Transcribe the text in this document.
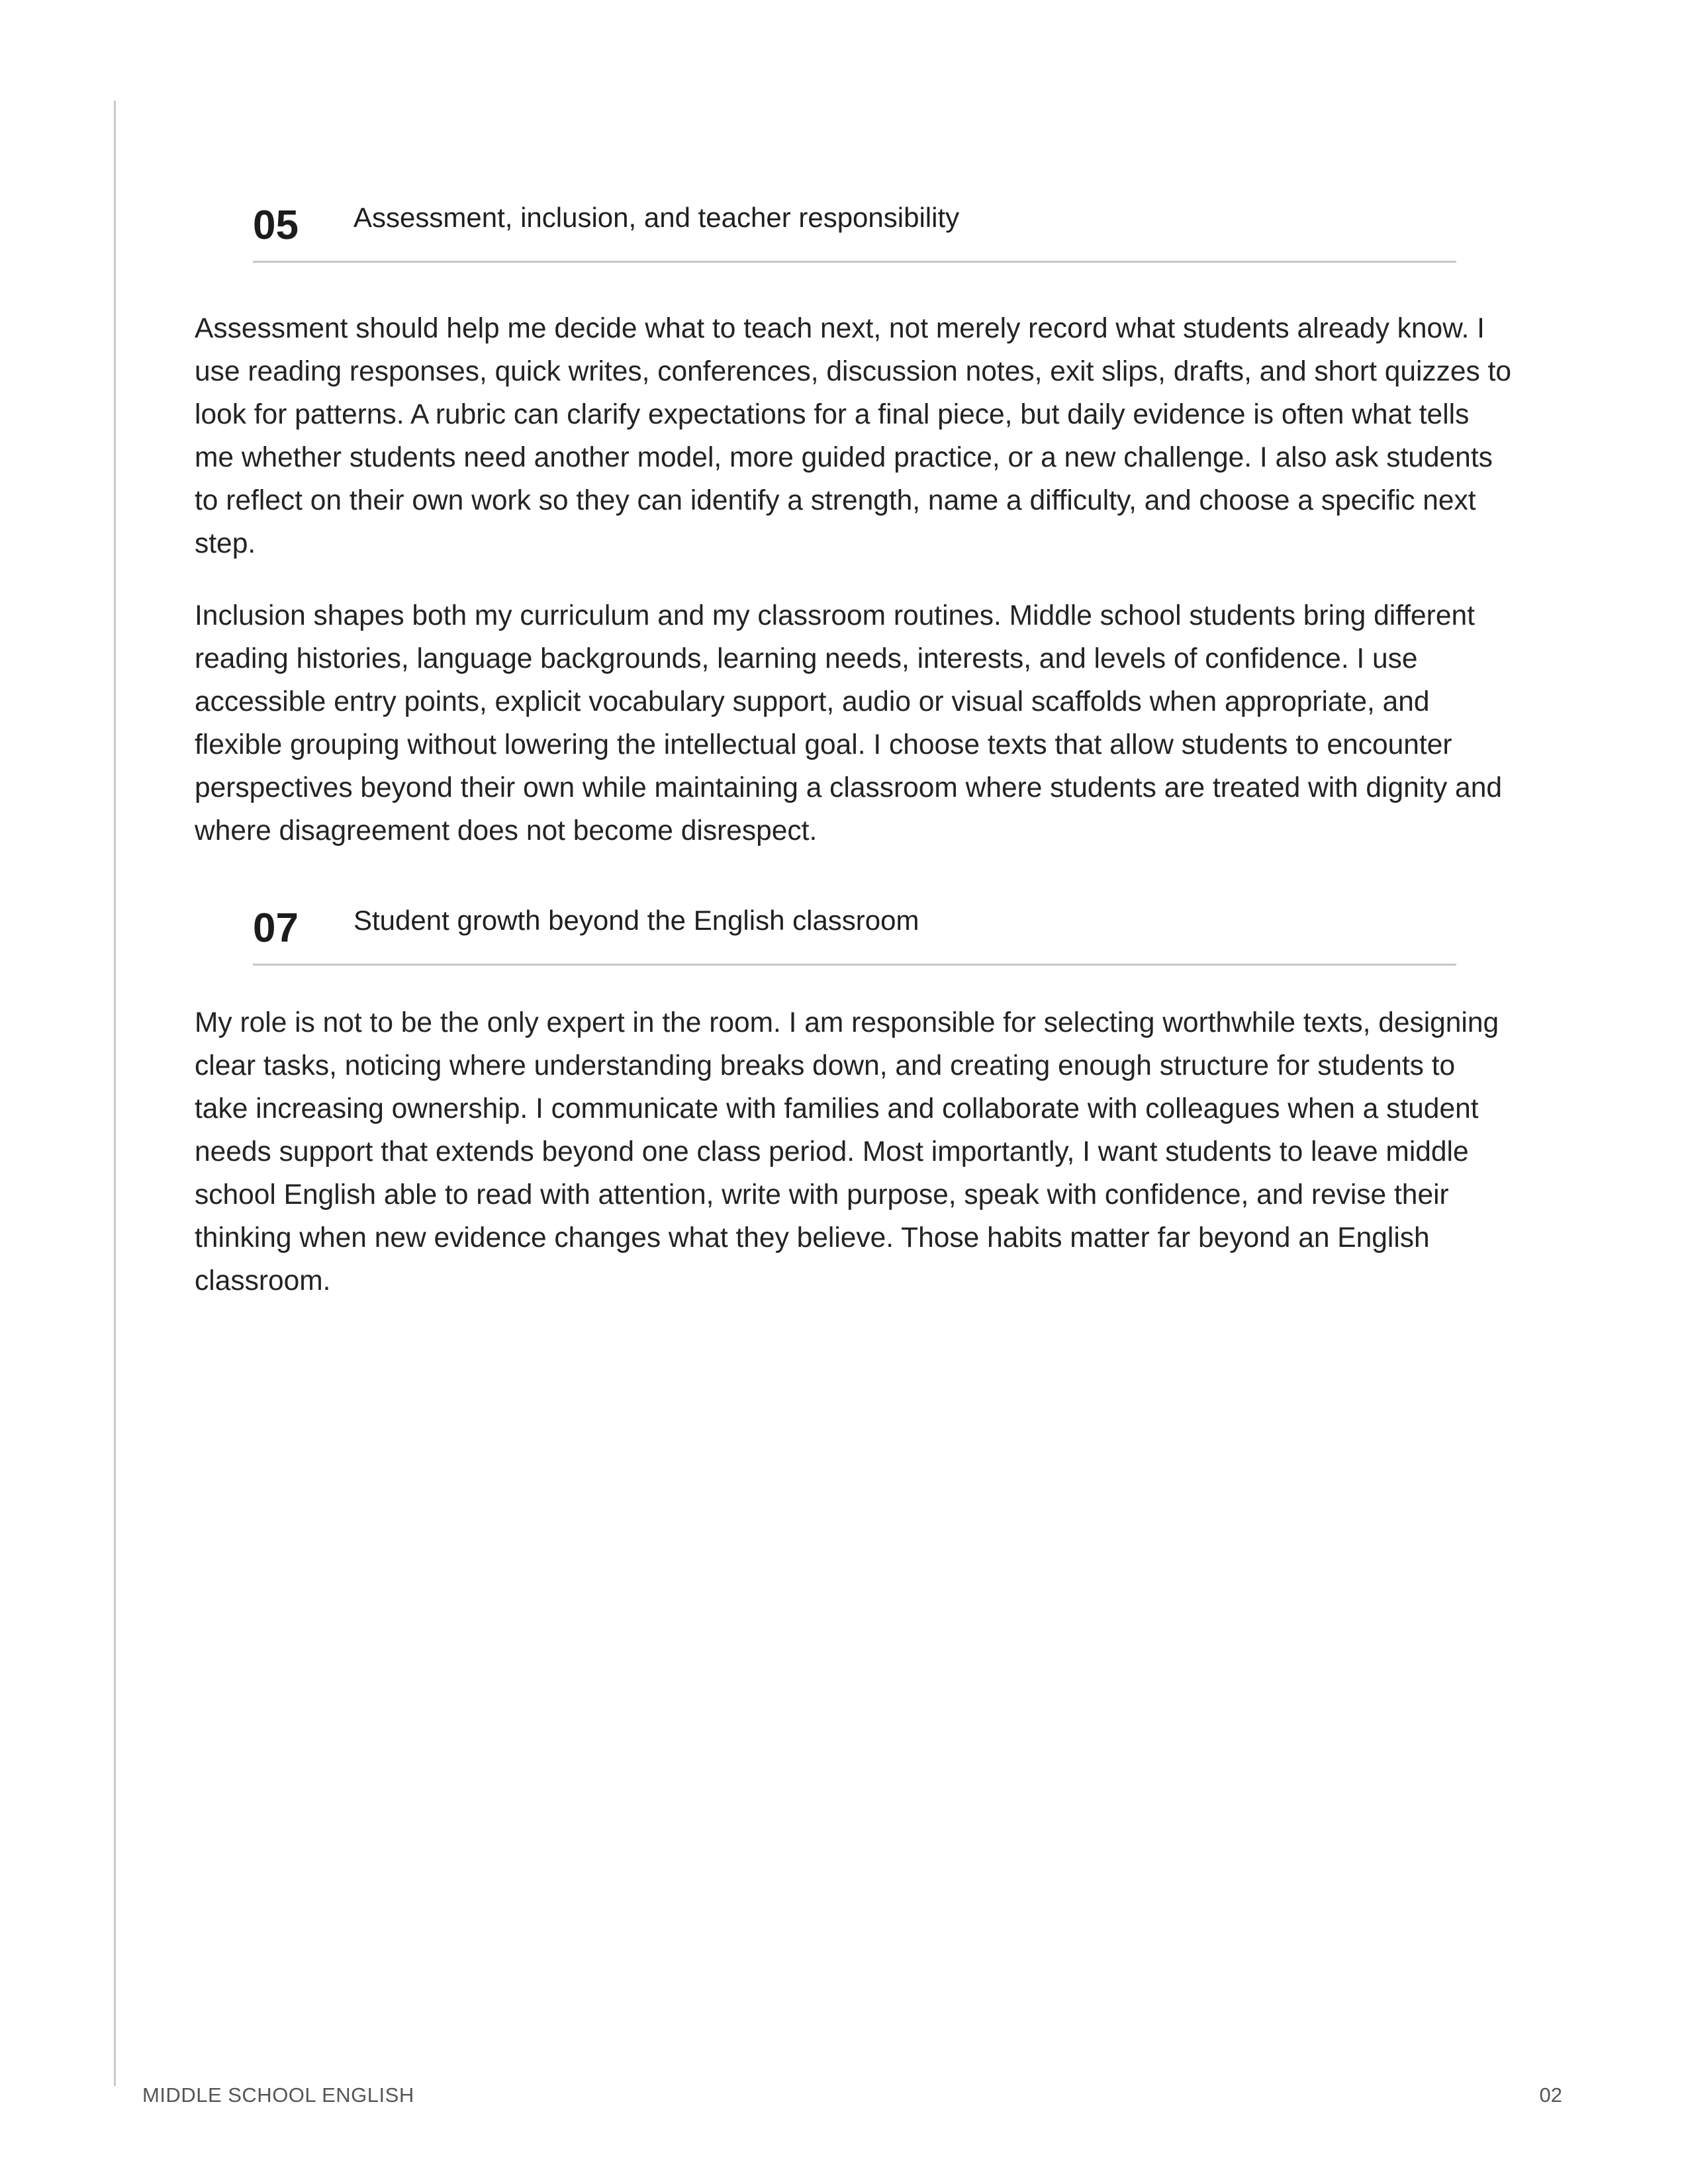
05 Assessment, inclusion, and teacher responsibility

Assessment should help me decide what to teach next, not merely record what students already know. I use reading responses, quick writes, conferences, discussion notes, exit slips, drafts, and short quizzes to look for patterns. A rubric can clarify expectations for a final piece, but daily evidence is often what tells me whether students need another model, more guided practice, or a new challenge. I also ask students to reflect on their own work so they can identify a strength, name a difficulty, and choose a specific next step.

Inclusion shapes both my curriculum and my classroom routines. Middle school students bring different reading histories, language backgrounds, learning needs, interests, and levels of confidence. I use accessible entry points, explicit vocabulary support, audio or visual scaffolds when appropriate, and flexible grouping without lowering the intellectual goal. I choose texts that allow students to encounter perspectives beyond their own while maintaining a classroom where students are treated with dignity and where disagreement does not become disrespect.

07 Student growth beyond the English classroom

My role is not to be the only expert in the room. I am responsible for selecting worthwhile texts, designing clear tasks, noticing where understanding breaks down, and creating enough structure for students to take increasing ownership. I communicate with families and collaborate with colleagues when a student needs support that extends beyond one class period. Most importantly, I want students to leave middle school English able to read with attention, write with purpose, speak with confidence, and revise their thinking when new evidence changes what they believe. Those habits matter far beyond an English classroom.

MIDDLE SCHOOL ENGLISH	02
